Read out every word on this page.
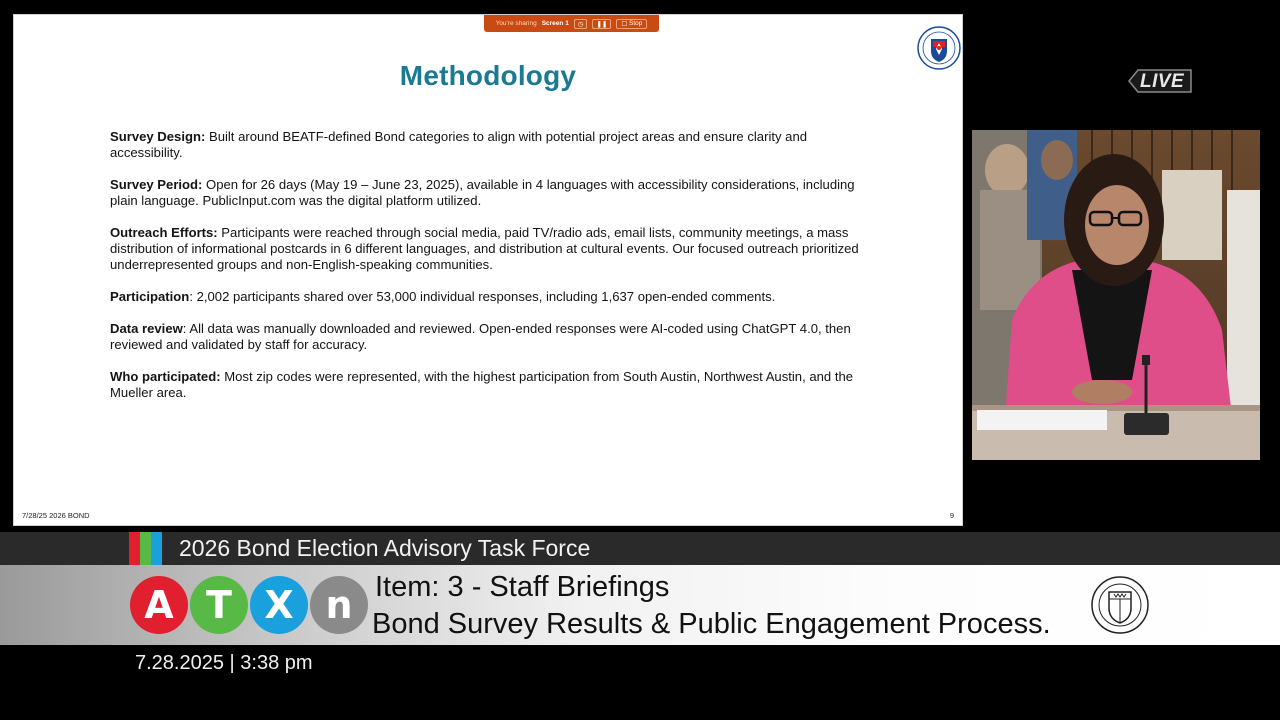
You're sharing Screen 1	◷	❚❚	☐
Stop
Methodology

Survey Design: Built around BEATF-defined Bond categories to align with potential project areas and ensure clarity and accessibility.

Survey Period: Open for 26 days (May 19 – June 23, 2025), available in 4 languages with accessibility considerations, including plain language. PublicInput.com was the digital platform utilized.

Outreach Efforts: Participants were reached through social media, paid TV/radio ads, email lists, community meetings, a mass distribution of informational postcards in 6 different languages, and distribution at cultural events. Our focused outreach prioritized underrepresented groups and non-English-speaking communities.

Participation: 2,002 participants shared over 53,000 individual responses, including 1,637 open-ended comments.

Data review: All data was manually downloaded and reviewed. Open-ended responses were AI-coded using ChatGPT 4.0, then reviewed and validated by staff for accuracy.

Who participated: Most zip codes were represented, with the highest participation from South Austin, Northwest Austin, and the Mueller area.

7/28/25 2026 BOND	9
LIVE
2026 Bond Election Advisory Task Force
A T X n Item: 3 - Staff Briefings
Bond Survey Results & Public Engagement Process.
7.28.2025 | 3:38 pm
